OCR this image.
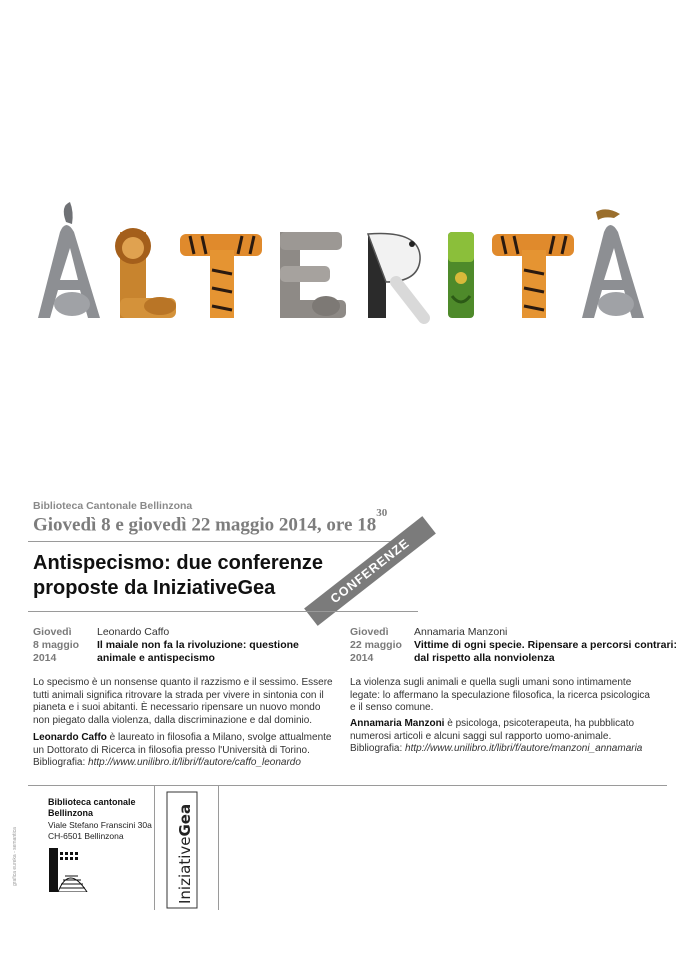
Biblioteca Cantonale Bellinzona
Giovedì 8 e giovedì 22 maggio 2014, ore $18^{30}$
Antispecismo: due conferenze
proposte da IniziativeGea	CONFERENZE
Giovedì
8 maggio
2014
Leonardo Caffo
Il maiale non fa la rivoluzione: questione animale e antispecismo

Lo specismo è un nonsense quanto il razzismo e il sessimo. Essere tutti animali significa ritrovare la strada per vivere in sintonia con il pianeta e i suoi abitanti. È necessario ripensare un nuovo mondo non piegato dalla violenza, dalla discriminazione e dal dominio.

Leonardo Caffo è laureato in filosofia a Milano, svolge attualmente un Dottorato di Ricerca in filosofia presso l'Università di Torino.

Bibliografia: http://www.unilibro.it/libri/f/autore/caffo_leonardo

Giovedì
22 maggio
2014
Annamaria Manzoni
Vittime di ogni specie. Ripensare a percorsi contrari: dal rispetto alla nonviolenza

La violenza sugli animali e quella sugli umani sono intimamente legate: lo affermano la speculazione filosofica, la ricerca psicologica e il senso comune.

Annamaria Manzoni è psicologa, psicoterapeuta, ha pubblicato numerosi articoli e alcuni saggi sul rapporto uomo-animale.

Bibliografia: http://www.unilibro.it/libri/f/autore/manzoni_annamaria

Biblioteca cantonale
Bellinzona
Viale Stefano Franscini 30a
CH-6501 Bellinzona
IniziativeGea
grafica eureka - semantica
